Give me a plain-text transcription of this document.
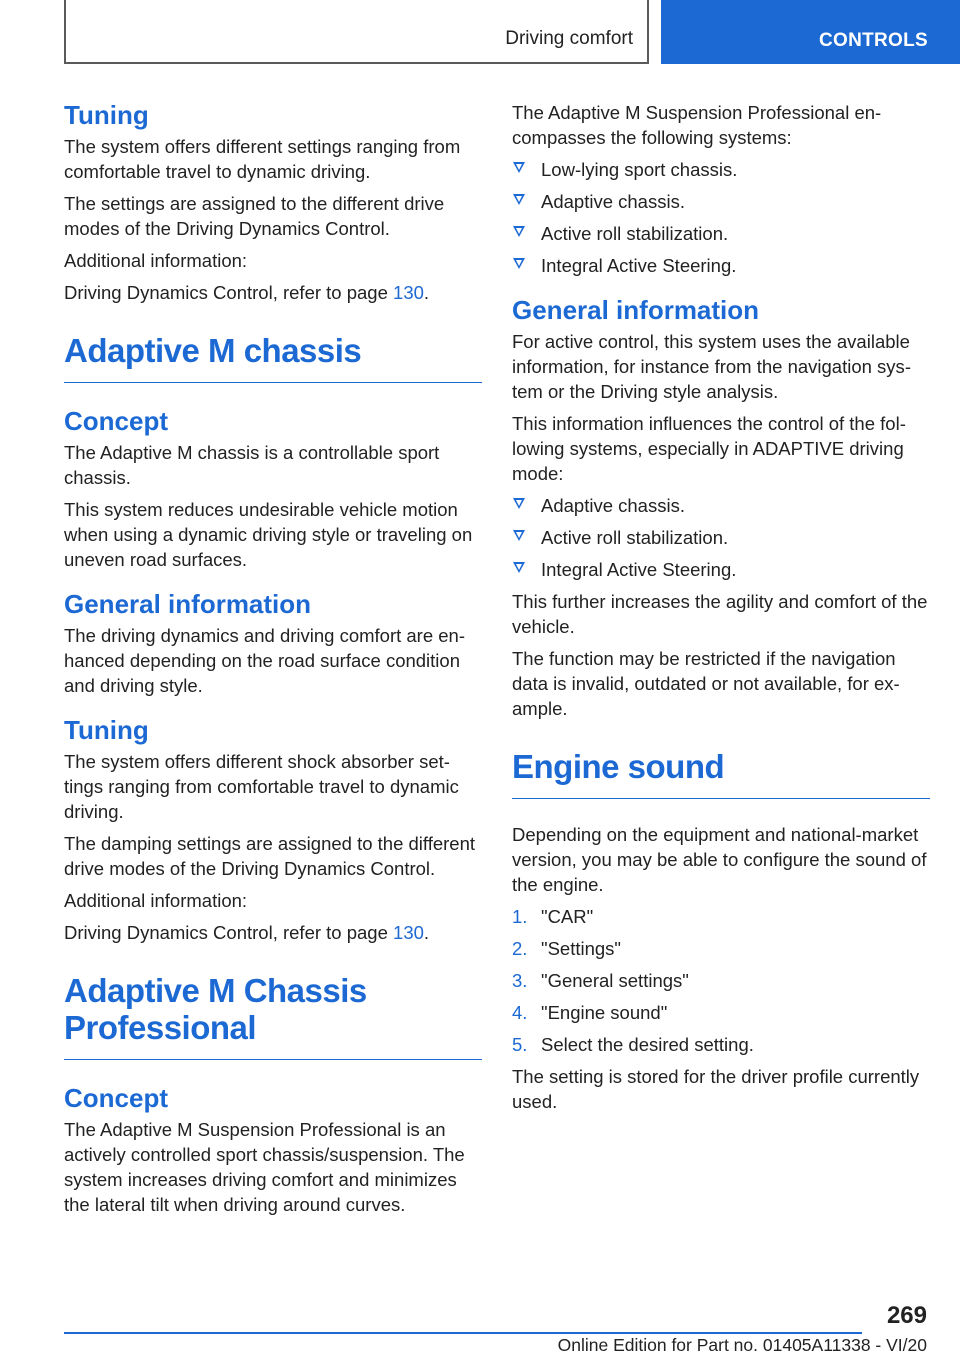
Driving comfort	CONTROLS
Tuning

The system offers different settings ranging from comfortable travel to dynamic driving.

The settings are assigned to the different drive modes of the Driving Dynamics Control.

Additional information:

Driving Dynamics Control, refer to page 130.

Adaptive M chassis
Concept

The Adaptive M chassis is a controllable sport chassis.

This system reduces undesirable vehicle motion when using a dynamic driving style or traveling on uneven road surfaces.

General information

The driving dynamics and driving comfort are enhanced depending on the road surface condition and driving style.

Tuning

The system offers different shock absorber settings ranging from comfortable travel to dynamic driving.

The damping settings are assigned to the different drive modes of the Driving Dynamics Control.

Additional information:

Driving Dynamics Control, refer to page 130.

Adaptive M Chassis
Professional
Concept

The Adaptive M Suspension Professional is an actively controlled sport chassis/suspension. The system increases driving comfort and minimizes the lateral tilt when driving around curves.

The Adaptive M Suspension Professional encompasses the following systems:

Low-lying sport chassis.
Adaptive chassis.
Active roll stabilization.
Integral Active Steering.
General information

For active control, this system uses the available information, for instance from the navigation system or the Driving style analysis.

This information influences the control of the following systems, especially in ADAPTIVE driving mode:

Adaptive chassis.
Active roll stabilization.
Integral Active Steering.

This further increases the agility and comfort of the vehicle.

The function may be restricted if the navigation data is invalid, outdated or not available, for example.

Engine sound

Depending on the equipment and national-market version, you may be able to configure the sound of the engine.

1. "CAR"
2. "Settings"
3. "General settings"
4. "Engine sound"
5. Select the desired setting.

The setting is stored for the driver profile currently used.

269
Online Edition for Part no. 01405A11338 - VI/20
